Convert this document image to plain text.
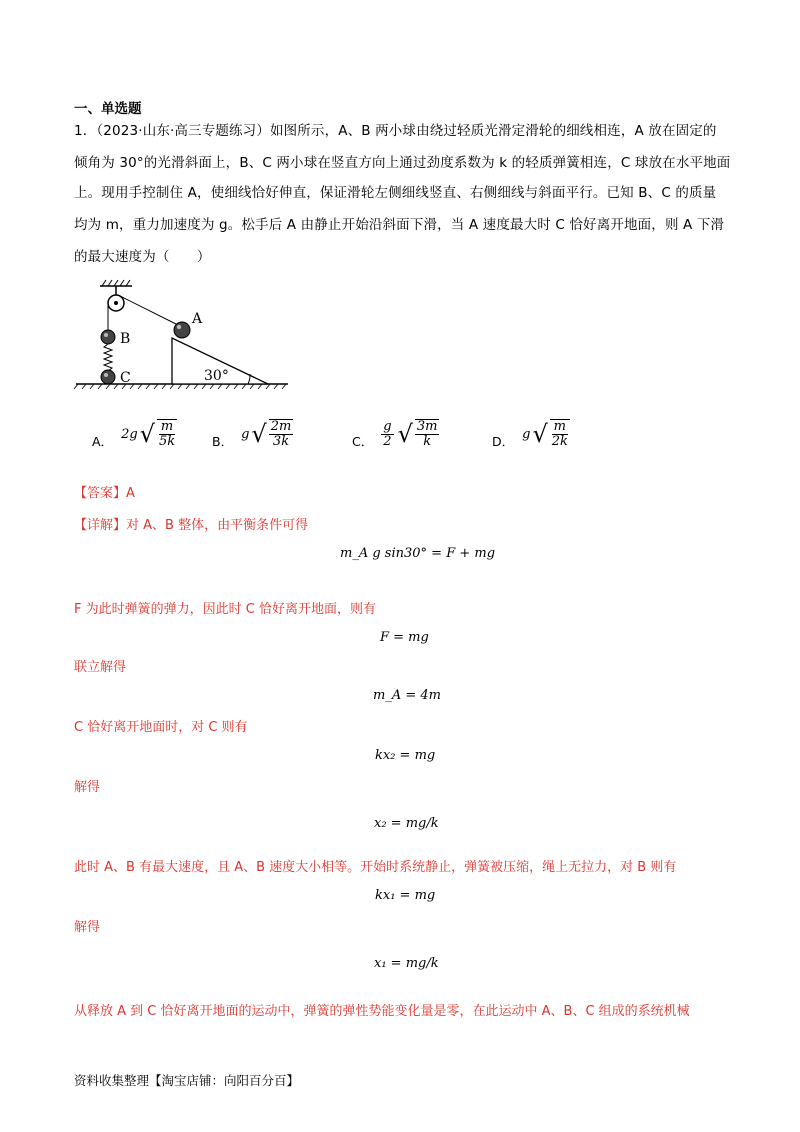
一、单选题
1．（2023·山东·高三专题练习）如图所示，A、B 两小球由绕过轻质光滑定滑轮的细线相连，A 放在固定的
倾角为 30°的光滑斜面上，B、C 两小球在竖直方向上通过劲度系数为 k 的轻质弹簧相连，C 球放在水平地面
上。现用手控制住 A，使细线恰好伸直，保证滑轮左侧细线竖直、右侧细线与斜面平行。已知 B、C 的质量
均为 m，重力加速度为 g。松手后 A 由静止开始沿斜面下滑，当 A 速度最大时 C 恰好离开地面，则 A 下滑
的最大速度为（　　）
A
B
C	30°
A． 2g √ $\frac{m}{5k}$	B． g √ $\frac{2m}{3k}$	C． $\frac{g}{2}$ √ $\frac{3m}{k}$	D． g √ $\frac{m}{2k}$
【答案】A
【详解】对 A、B 整体，由平衡条件可得
m_A g sin30° = F + mg
F 为此时弹簧的弹力，因此时 C 恰好离开地面，则有
F = mg
联立解得
m_A = 4m
C 恰好离开地面时，对 C 则有
kx₂ = mg
解得
x₂ = mg/k
此时 A、B 有最大速度，且 A、B 速度大小相等。开始时系统静止，弹簧被压缩，绳上无拉力，对 B 则有
kx₁ = mg
解得
x₁ = mg/k
从释放 A 到 C 恰好离开地面的运动中，弹簧的弹性势能变化量是零，在此运动中 A、B、C 组成的系统机械
资料收集整理【淘宝店铺：向阳百分百】
